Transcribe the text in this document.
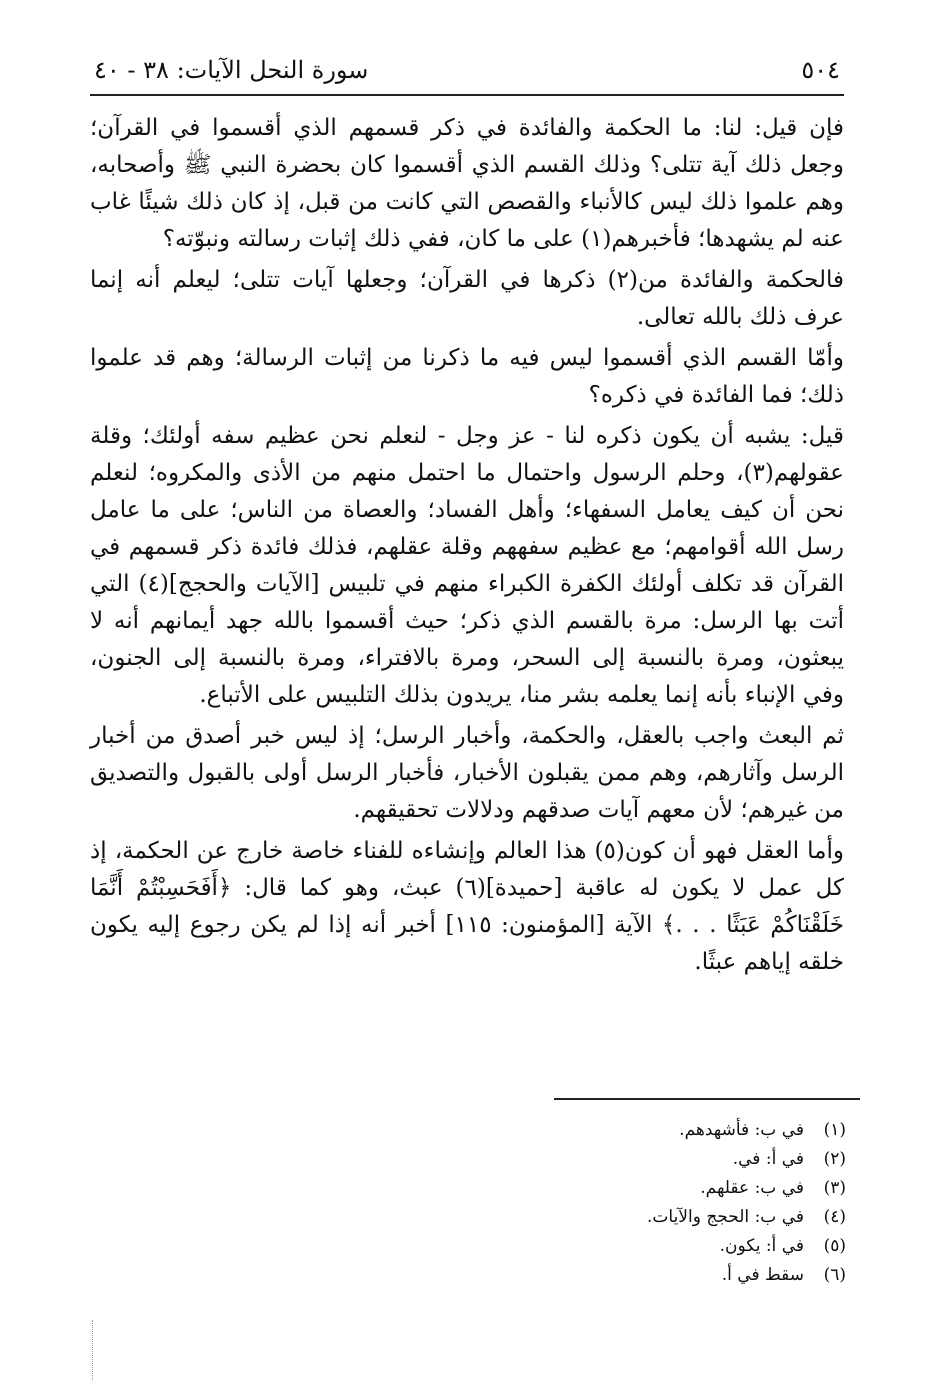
٥٠٤
سورة النحل الآيات: ٣٨ - ٤٠

فإن قيل: لنا: ما الحكمة والفائدة في ذكر قسمهم الذي أقسموا في القرآن؛ وجعل ذلك آية تتلى؟ وذلك القسم الذي أقسموا كان بحضرة النبي ﷺ وأصحابه، وهم علموا ذلك ليس كالأنباء والقصص التي كانت من قبل، إذ كان ذلك شيئًا غاب عنه لم يشهدها؛ فأخبرهم(١) على ما كان، ففي ذلك إثبات رسالته ونبوّته؟

فالحكمة والفائدة من(٢) ذكرها في القرآن؛ وجعلها آيات تتلى؛ ليعلم أنه إنما عرف ذلك بالله تعالى.

وأمّا القسم الذي أقسموا ليس فيه ما ذكرنا من إثبات الرسالة؛ وهم قد علموا ذلك؛ فما الفائدة في ذكره؟

قيل: يشبه أن يكون ذكره لنا - عز وجل - لنعلم نحن عظيم سفه أولئك؛ وقلة عقولهم(٣)، وحلم الرسول واحتمال ما احتمل منهم من الأذى والمكروه؛ لنعلم نحن أن كيف يعامل السفهاء؛ وأهل الفساد؛ والعصاة من الناس؛ على ما عامل رسل الله أقوامهم؛ مع عظيم سفههم وقلة عقلهم، فذلك فائدة ذكر قسمهم في القرآن قد تكلف أولئك الكفرة الكبراء منهم في تلبيس [الآيات والحجج](٤) التي أتت بها الرسل: مرة بالقسم الذي ذكر؛ حيث أقسموا بالله جهد أيمانهم أنه لا يبعثون، ومرة بالنسبة إلى السحر، ومرة بالافتراء، ومرة بالنسبة إلى الجنون، وفي الإنباء بأنه إنما يعلمه بشر منا، يريدون بذلك التلبيس على الأتباع.

ثم البعث واجب بالعقل، والحكمة، وأخبار الرسل؛ إذ ليس خبر أصدق من أخبار الرسل وآثارهم، وهم ممن يقبلون الأخبار، فأخبار الرسل أولى بالقبول والتصديق من غيرهم؛ لأن معهم آيات صدقهم ودلالات تحقيقهم.

وأما العقل فهو أن كون(٥) هذا العالم وإنشاءه للفناء خاصة خارج عن الحكمة، إذ كل عمل لا يكون له عاقبة [حميدة](٦) عبث، وهو كما قال: ﴿أَفَحَسِبْتُمْ أَنَّمَا خَلَقْنَاكُمْ عَبَثًا . . .﴾ الآية [المؤمنون: ١١٥] أخبر أنه إذا لم يكن رجوع إليه يكون خلقه إياهم عبثًا.

(١)في ب: فأشهدهم.
(٢)في أ: في.
(٣)في ب: عقلهم.
(٤)في ب: الحجج والآيات.
(٥)في أ: يكون.
(٦)سقط في أ.
